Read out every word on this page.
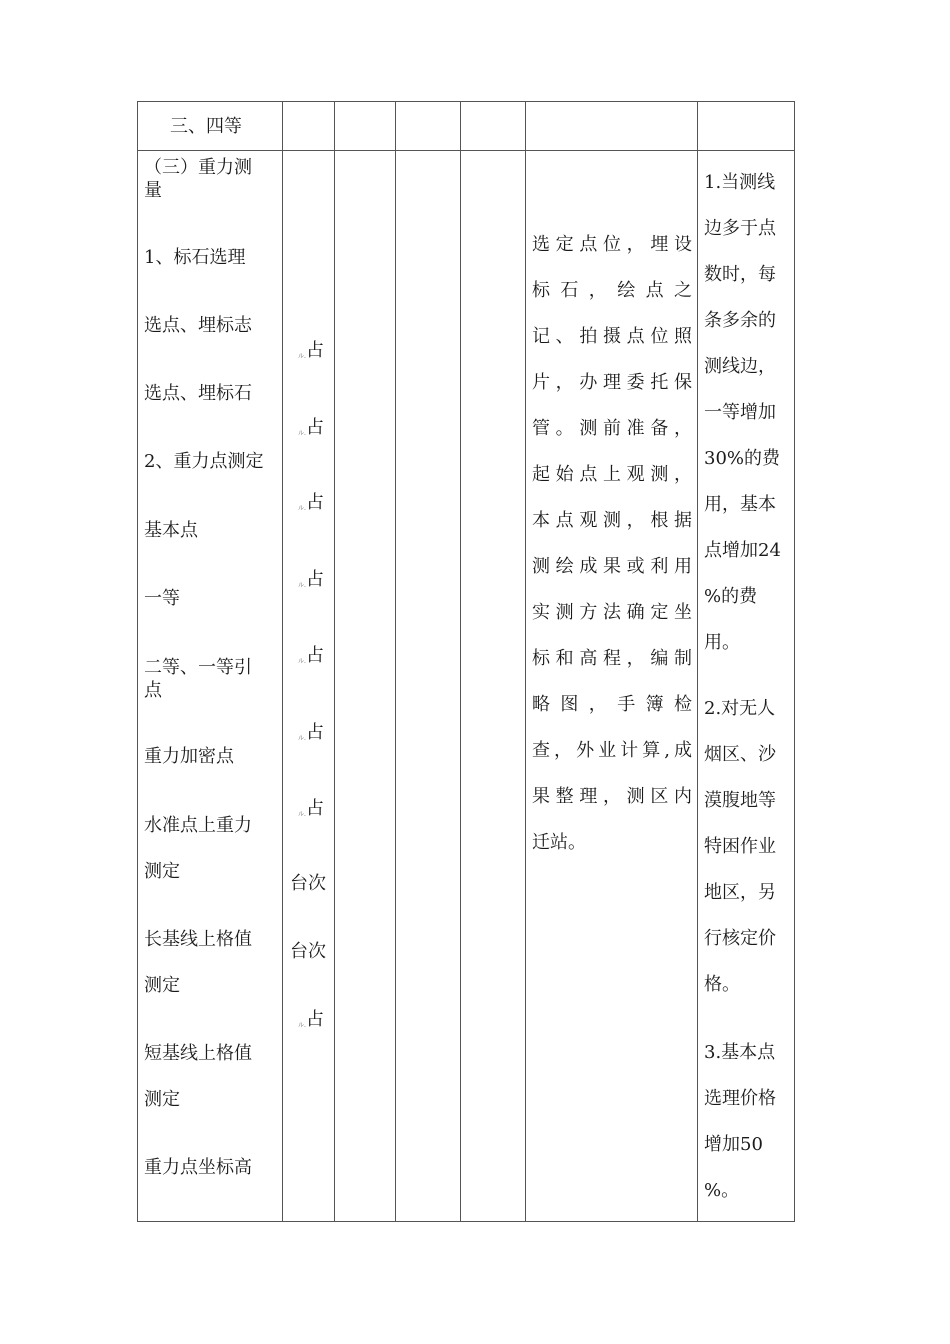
三、四等
（三）重力测
量
1、标石选理
选点、埋标志
选点、埋标石
2、重力点测定
基本点
一等
二等、一等引
点
重力加密点
水准点上重力
测定
长基线上格值
测定
短基线上格值
测定
重力点坐标高
占
ル.
占
ル.
占
ル.
占
ル.
占
ル.
占
ル.
占
ル.
台次
台次
占
ル.
选定点位，埋设
标石，绘点之
记、拍摄点位照
片，办理委托保
管。测前准备，
起始点上观测，
本点观测，根据
测绘成果或利用
实测方法确定坐
标和高程，编制
略图，手簿检
查，外业计算,成
果整理，测区内
迁站。
1.当测线
边多于点
数时，每
条多余的
测线边，
一等增加
30%的费
用，基本
点增加24
%的费
用。
2.对无人
烟区、沙
漠腹地等
特困作业
地区，另
行核定价
格。
3.基本点
选理价格
增加50
%。
